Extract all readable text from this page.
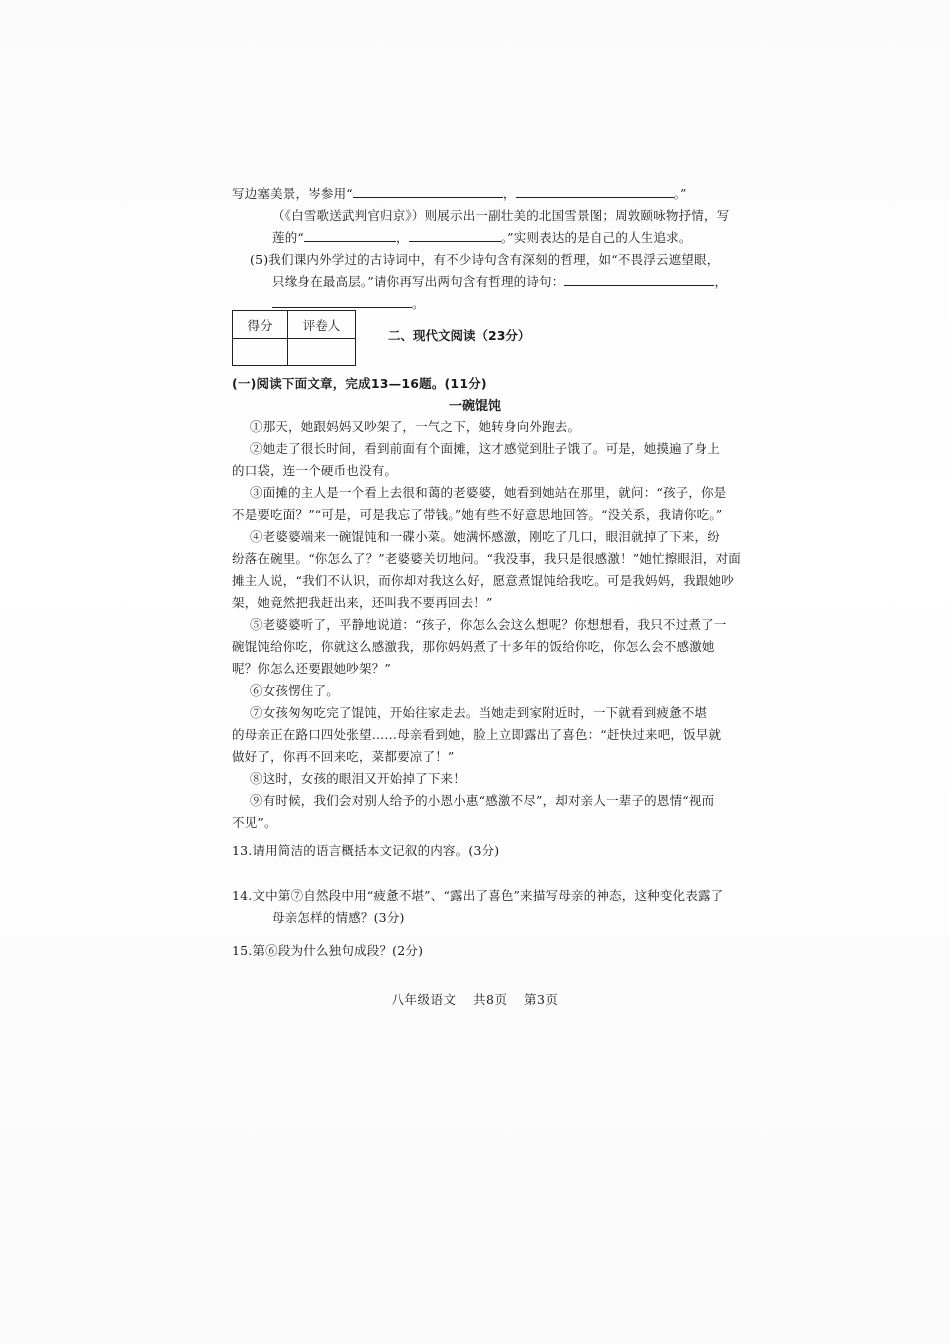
写边塞美景，岑参用“	，	。”
（《白雪歌送武判官归京》）则展示出一副壮美的北国雪景图；周敦颐咏物抒情，写
莲的“	，	。”实则表达的是自己的人生追求。
(5)我们课内外学过的古诗词中，有不少诗句含有深刻的哲理，如“不畏浮云遮望眼，
只缘身在最高层。”请你再写出两句含有哲理的诗句：	，
。
得分	评卷人
二、现代文阅读（23分）
(一)阅读下面文章，完成13—16题。(11分)
一碗馄饨
①那天，她跟妈妈又吵架了，一气之下，她转身向外跑去。
②她走了很长时间，看到前面有个面摊，这才感觉到肚子饿了。可是，她摸遍了身上
的口袋，连一个硬币也没有。
③面摊的主人是一个看上去很和蔼的老婆婆，她看到她站在那里，就问：“孩子，你是
不是要吃面？”“可是，可是我忘了带钱。”她有些不好意思地回答。“没关系，我请你吃。”
④老婆婆端来一碗馄饨和一碟小菜。她满怀感激，刚吃了几口，眼泪就掉了下来，纷
纷落在碗里。“你怎么了？”老婆婆关切地问。“我没事，我只是很感激！”她忙擦眼泪，对面
摊主人说，“我们不认识，而你却对我这么好，愿意煮馄饨给我吃。可是我妈妈，我跟她吵
架，她竟然把我赶出来，还叫我不要再回去！”
⑤老婆婆听了，平静地说道：“孩子，你怎么会这么想呢？你想想看，我只不过煮了一
碗馄饨给你吃，你就这么感激我，那你妈妈煮了十多年的饭给你吃，你怎么会不感激她
呢？你怎么还要跟她吵架？”
⑥女孩愣住了。
⑦女孩匆匆吃完了馄饨，开始往家走去。当她走到家附近时，一下就看到疲惫不堪
的母亲正在路口四处张望……母亲看到她，脸上立即露出了喜色：“赶快过来吧，饭早就
做好了，你再不回来吃，菜都要凉了！”
⑧这时，女孩的眼泪又开始掉了下来！
⑨有时候，我们会对别人给予的小恩小惠“感激不尽”，却对亲人一辈子的恩情“视而
不见”。
13.请用简洁的语言概括本文记叙的内容。(3分)
14.文中第⑦自然段中用“疲惫不堪”、“露出了喜色”来描写母亲的神态，这种变化表露了
母亲怎样的情感？(3分)
15.第⑥段为什么独句成段？(2分)
八年级语文 共8页 第3页
